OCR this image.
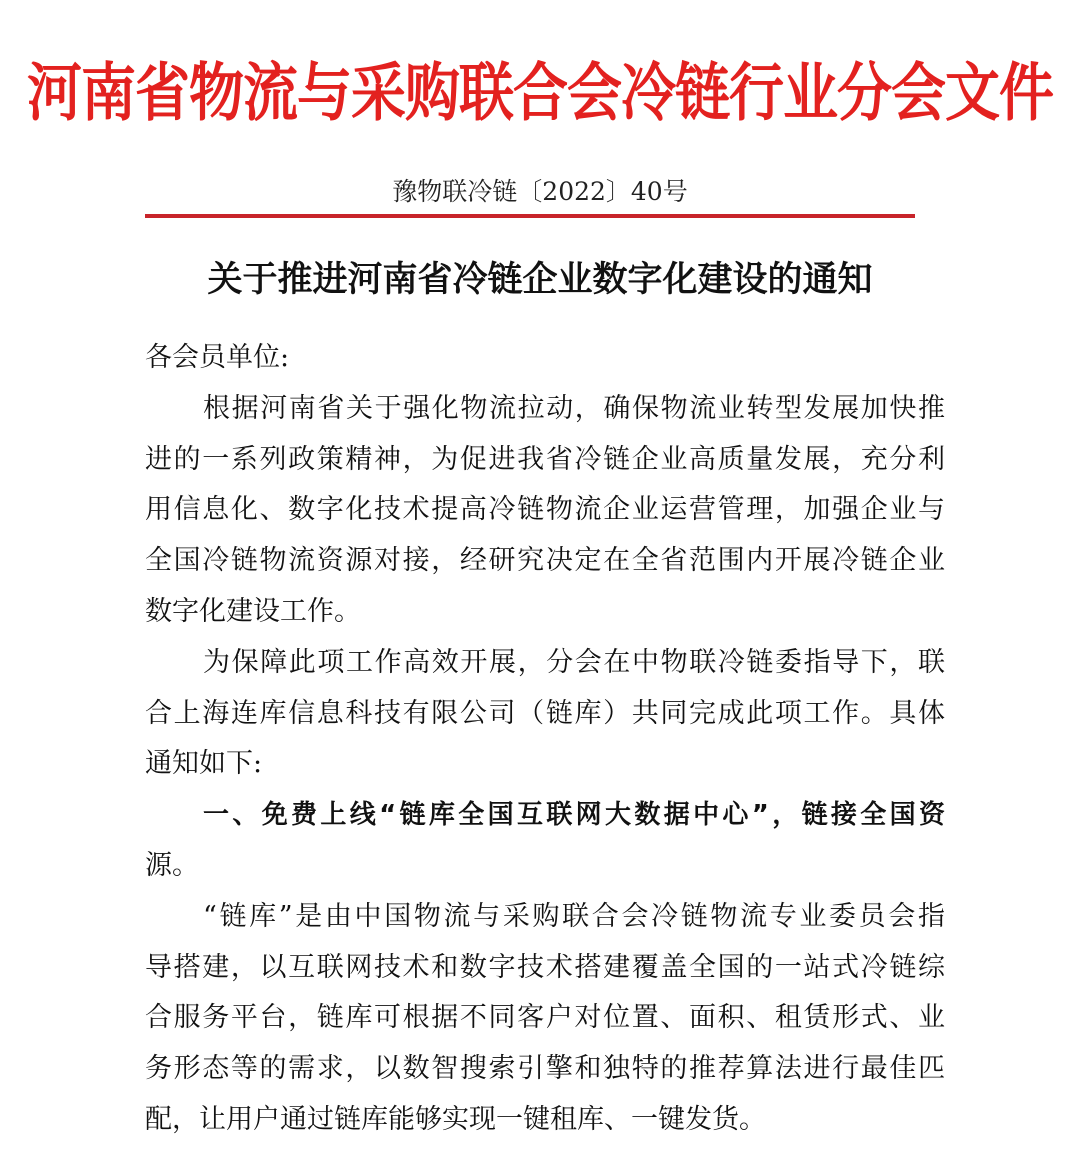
河南省物流与采购联合会冷链行业分会文件
豫物联冷链〔2022〕40号
关于推进河南省冷链企业数字化建设的通知
各会员单位:
根据河南省关于强化物流拉动，确保物流业转型发展加快推
进的一系列政策精神，为促进我省冷链企业高质量发展，充分利
用信息化、数字化技术提高冷链物流企业运营管理，加强企业与
全国冷链物流资源对接，经研究决定在全省范围内开展冷链企业
数字化建设工作。
为保障此项工作高效开展，分会在中物联冷链委指导下，联
合上海连库信息科技有限公司（链库）共同完成此项工作。具体
通知如下:
一、免费上线“链库全国互联网大数据中心”，链接全国资
源。
“链库”是由中国物流与采购联合会冷链物流专业委员会指
导搭建，以互联网技术和数字技术搭建覆盖全国的一站式冷链综
合服务平台，链库可根据不同客户对位置、面积、租赁形式、业
务形态等的需求，以数智搜索引擎和独特的推荐算法进行最佳匹
配，让用户通过链库能够实现一键租库、一键发货。
